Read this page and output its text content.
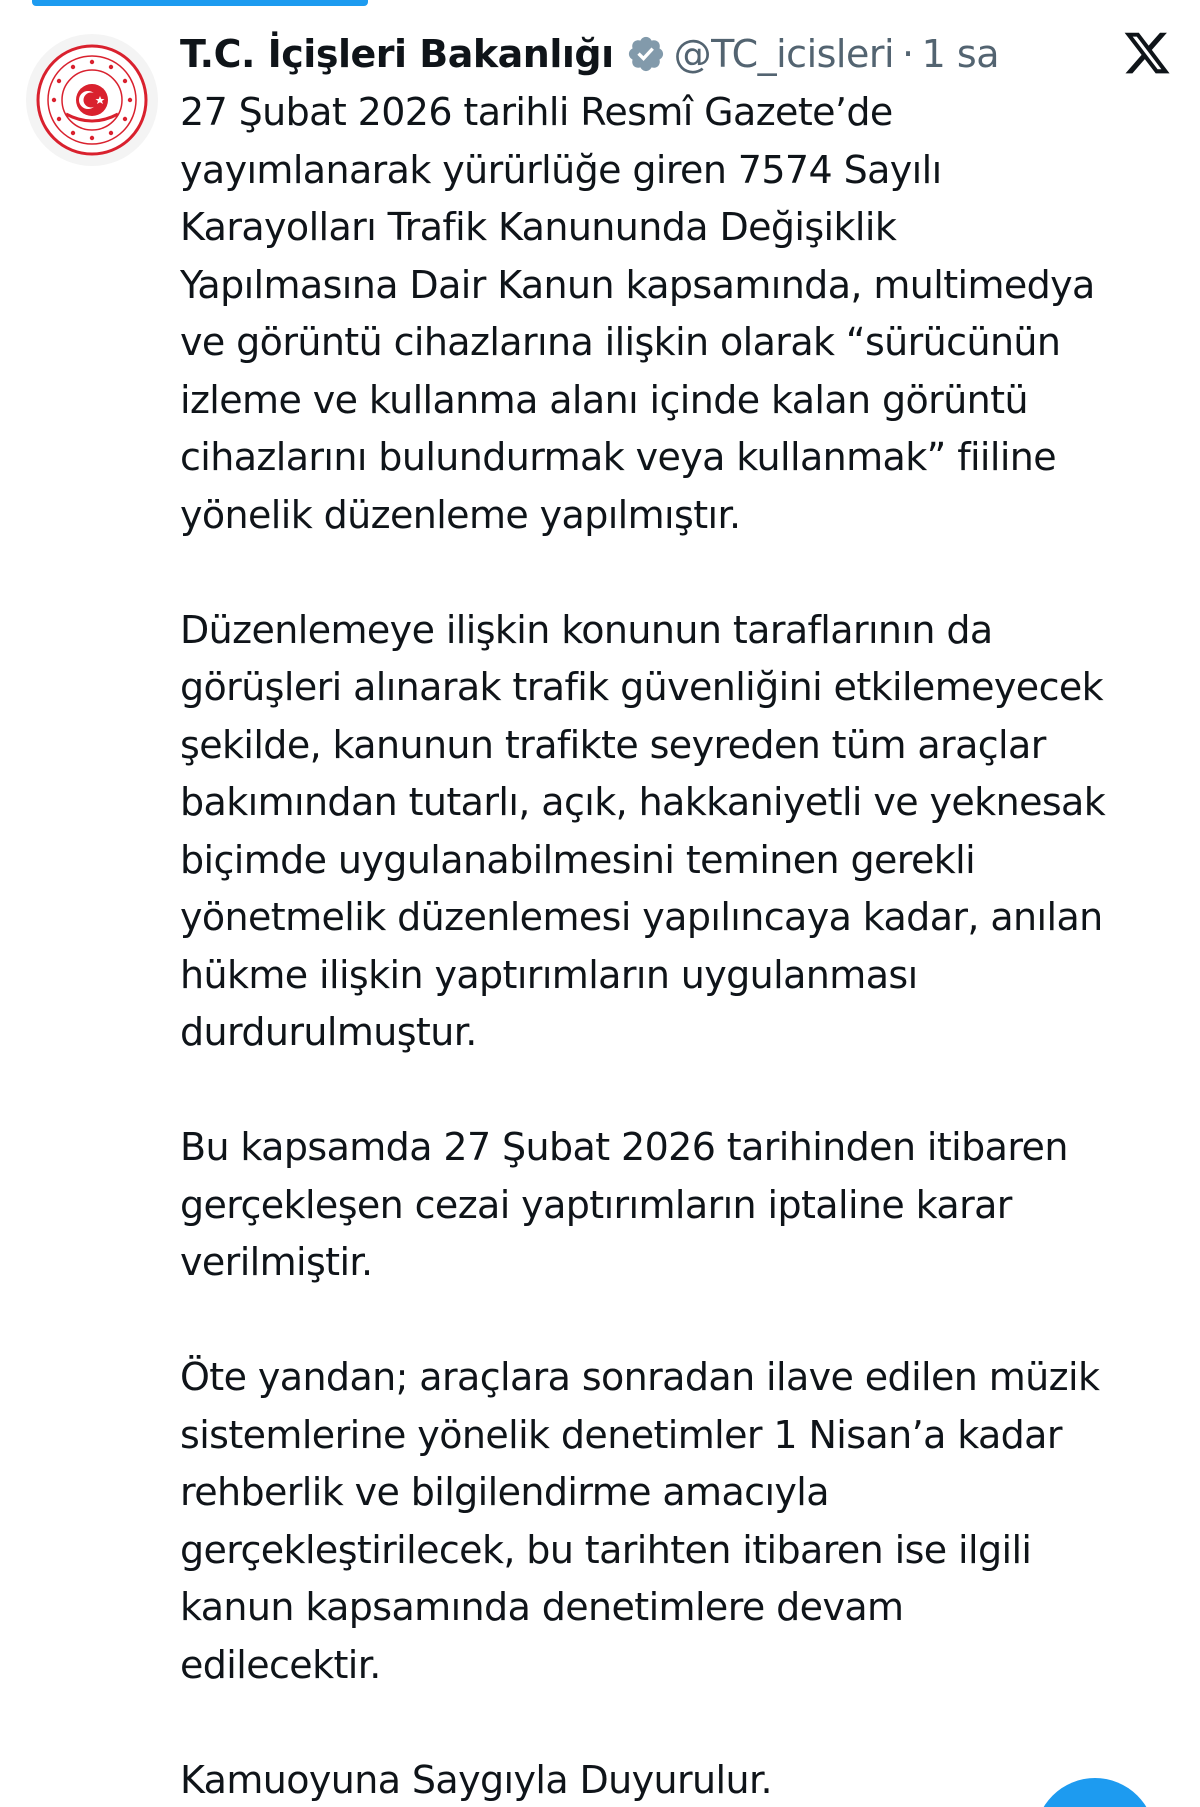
T.C. İçişleri Bakanlığı @TC_icisleri · 1 sa

27 Şubat 2026 tarihli Resmî Gazete’de
yayımlanarak yürürlüğe giren 7574 Sayılı
Karayolları Trafik Kanununda Değişiklik
Yapılmasına Dair Kanun kapsamında, multimedya
ve görüntü cihazlarına ilişkin olarak “sürücünün
izleme ve kullanma alanı içinde kalan görüntü
cihazlarını bulundurmak veya kullanmak” fiiline
yönelik düzenleme yapılmıştır.

Düzenlemeye ilişkin konunun taraflarının da
görüşleri alınarak trafik güvenliğini etkilemeyecek
şekilde, kanunun trafikte seyreden tüm araçlar
bakımından tutarlı, açık, hakkaniyetli ve yeknesak
biçimde uygulanabilmesini teminen gerekli
yönetmelik düzenlemesi yapılıncaya kadar, anılan
hükme ilişkin yaptırımların uygulanması
durdurulmuştur.

Bu kapsamda 27 Şubat 2026 tarihinden itibaren
gerçekleşen cezai yaptırımların iptaline karar
verilmiştir.

Öte yandan; araçlara sonradan ilave edilen müzik
sistemlerine yönelik denetimler 1 Nisan’a kadar
rehberlik ve bilgilendirme amacıyla
gerçekleştirilecek, bu tarihten itibaren ise ilgili
kanun kapsamında denetimlere devam
edilecektir.

Kamuoyuna Saygıyla Duyurulur.
